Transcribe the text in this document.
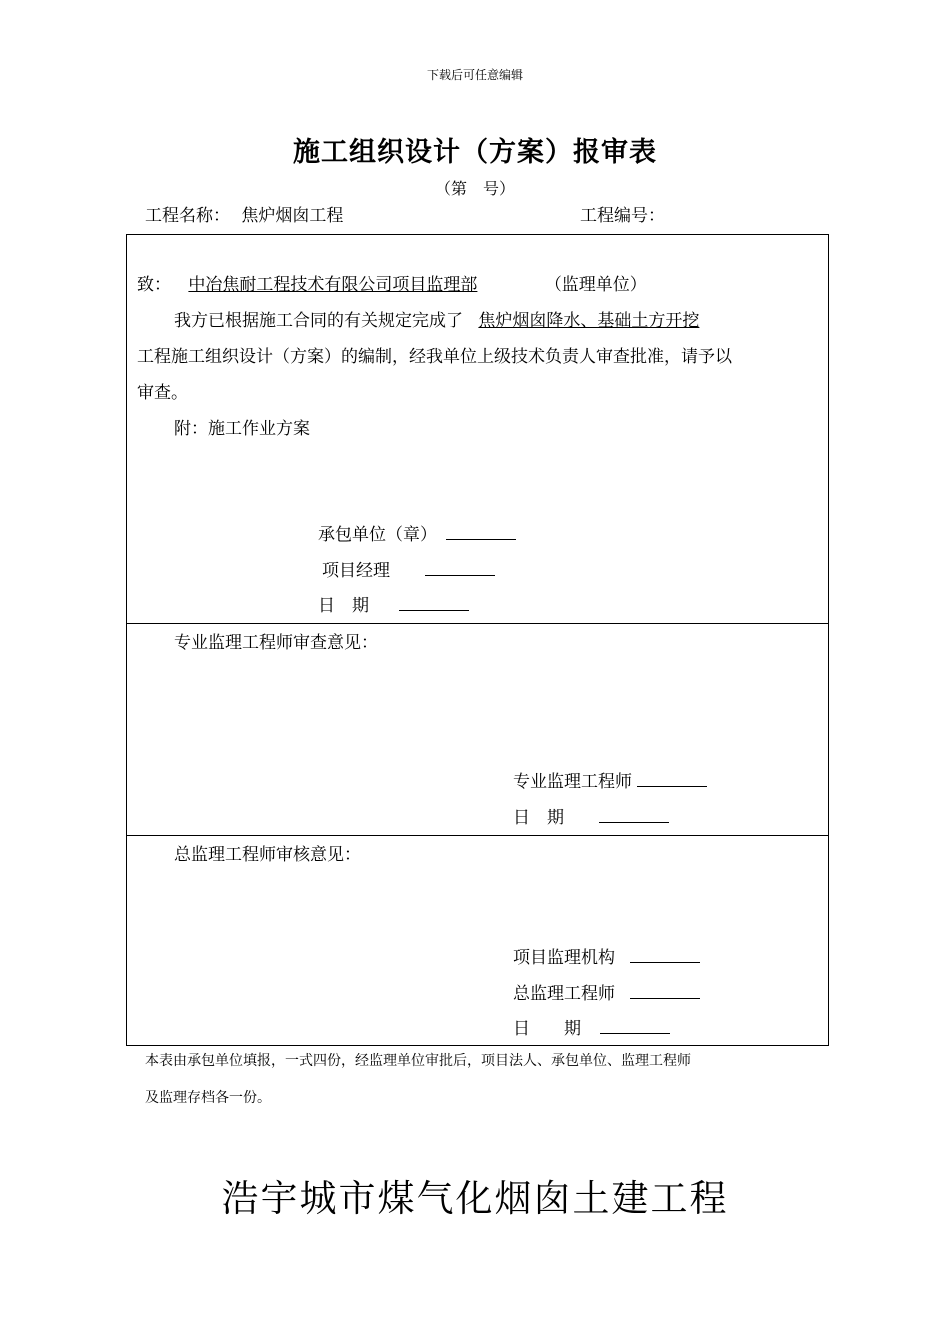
下载后可任意编辑
施工组织设计（方案）报审表
（第　号）
工程名称： 焦炉烟囱工程	工程编号：
致： 中冶焦耐工程技术有限公司项目监理部	（监理单位）
我方已根据施工合同的有关规定完成了 焦炉烟囱降水、基础土方开挖
工程施工组织设计（方案）的编制，经我单位上级技术负责人审查批准，请予以
审查。
附：施工作业方案
承包单位（章）
项目经理
日　期
专业监理工程师审查意见：
专业监理工程师
日　期
总监理工程师审核意见：
项目监理机构
总监理工程师
日　　期
本表由承包单位填报，一式四份，经监理单位审批后，项目法人、承包单位、监理工程师
及监理存档各一份。
浩宇城市煤气化烟囱土建工程
